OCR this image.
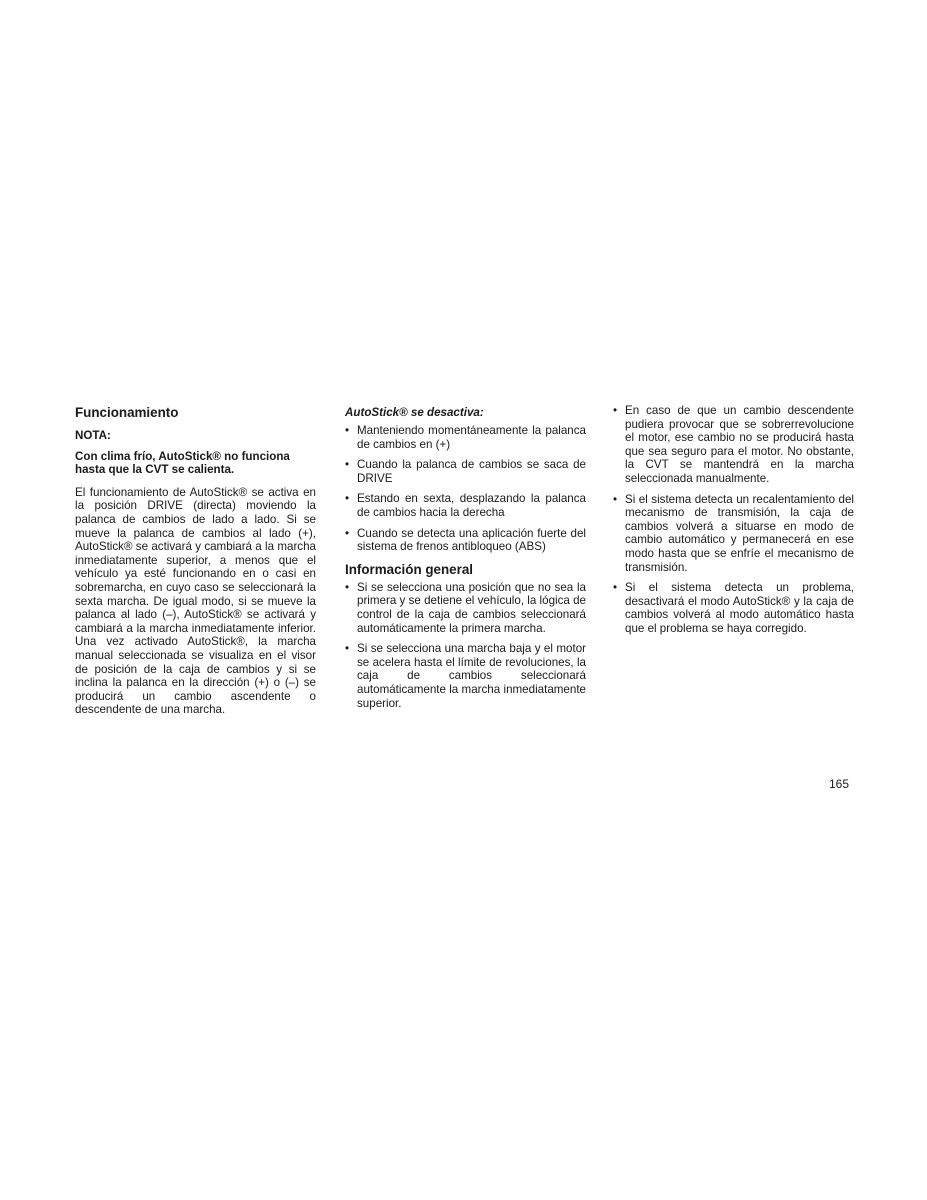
Funcionamiento
NOTA:
Con clima frío, AutoStick® no funciona hasta que la CVT se calienta.
El funcionamiento de AutoStick® se activa en la posición DRIVE (directa) moviendo la palanca de cambios de lado a lado. Si se mueve la palanca de cambios al lado (+), AutoStick® se activará y cambiará a la marcha inmediatamente superior, a menos que el vehículo ya esté funcionando en o casi en sobremarcha, en cuyo caso se seleccionará la sexta marcha. De igual modo, si se mueve la palanca al lado (–), AutoStick® se activará y cambiará a la marcha inmediatamente inferior. Una vez activado AutoStick®, la marcha manual seleccionada se visualiza en el visor de posición de la caja de cambios y si se inclina la palanca en la dirección (+) o (–) se producirá un cambio ascendente o descendente de una marcha.
AutoStick® se desactiva:
• Manteniendo momentáneamente la palanca de cambios en (+)
• Cuando la palanca de cambios se saca de DRIVE
• Estando en sexta, desplazando la palanca de cambios hacia la derecha
• Cuando se detecta una aplicación fuerte del sistema de frenos antibloqueo (ABS)
Información general
• Si se selecciona una posición que no sea la primera y se detiene el vehículo, la lógica de control de la caja de cambios seleccionará automáticamente la primera marcha.
• Si se selecciona una marcha baja y el motor se acelera hasta el límite de revoluciones, la caja de cambios seleccionará automáticamente la marcha inmediatamente superior.
• En caso de que un cambio descendente pudiera provocar que se sobrerrevolucione el motor, ese cambio no se producirá hasta que sea seguro para el motor. No obstante, la CVT se mantendrá en la marcha seleccionada manualmente.
• Si el sistema detecta un recalentamiento del mecanismo de transmisión, la caja de cambios volverá a situarse en modo de cambio automático y permanecerá en ese modo hasta que se enfríe el mecanismo de transmisión.
• Si el sistema detecta un problema, desactivará el modo AutoStick® y la caja de cambios volverá al modo automático hasta que el problema se haya corregido.
165
